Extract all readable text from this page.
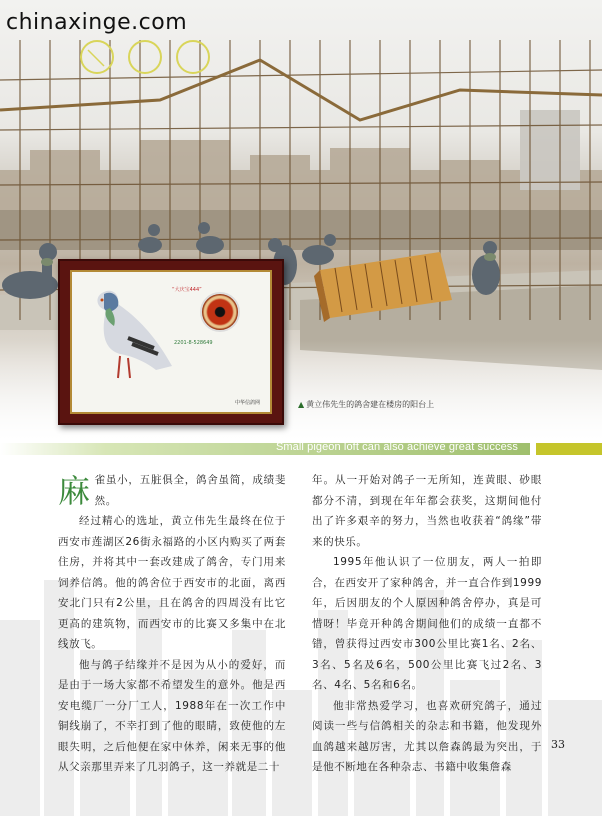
chinaxinge.com
“大庆宝444”
2201-8-528649
中华信鸽网	▲ 黄立伟先生的鸽舍建在楼房的阳台上
Small pigeon loft can also achieve great success

麻雀虽小，五脏俱全，鸽舍虽简，成绩斐然。

经过精心的选址，黄立伟先生最终在位于西安市莲湖区26街永福路的小区内购买了两套住房，并将其中一套改建成了鸽舍，专门用来饲养信鸽。他的鸽舍位于西安市的北面，离西安北门只有2公里，且在鸽舍的四周没有比它更高的建筑物，而西安市的比赛又多集中在北线放飞。

他与鸽子结缘并不是因为从小的爱好，而是由于一场大家都不希望发生的意外。他是西安电缆厂一分厂工人，1988年在一次工作中铜线崩了，不幸打到了他的眼睛，致使他的左眼失明，之后他便在家中休养，闲来无事的他从父亲那里弄来了几羽鸽子，这一养就是二十

年。从一开始对鸽子一无所知，连黄眼、砂眼都分不清，到现在年年都会获奖，这期间他付出了许多艰辛的努力，当然也收获着“鸽缘”带来的快乐。

1995年他认识了一位朋友，两人一拍即合，在西安开了家种鸽舍，并一直合作到1999年，后因朋友的个人原因种鸽舍停办，真是可惜呀！毕竟开种鸽舍期间他们的成绩一直都不错，曾获得过西安市300公里比赛1名、2名、3名、5名及6名，500公里比赛飞过2名、3名、4名、5名和6名。

他非常热爱学习，也喜欢研究鸽子，通过阅读一些与信鸽相关的杂志和书籍，他发现外血鸽越来越厉害，尤其以詹森鸽最为突出，于是他不断地在各种杂志、书籍中收集詹森

33
